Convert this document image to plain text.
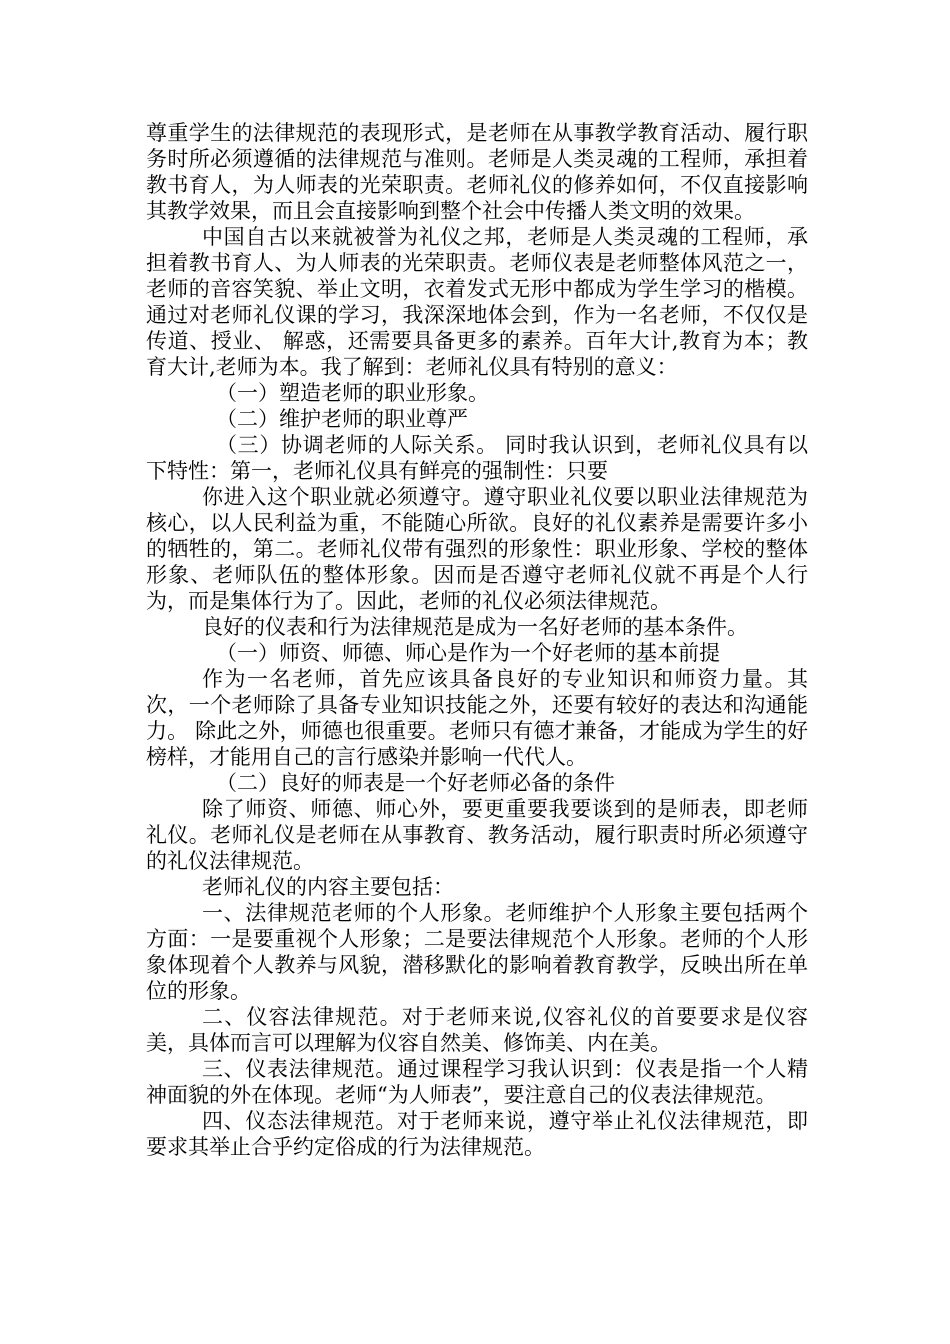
尊重学生的法律规范的表现形式，是老师在从事教学教育活动、履行职务时所必须遵循的法律规范与准则。老师是人类灵魂的工程师，承担着教书育人，为人师表的光荣职责。老师礼仪的修养如何，不仅直接影响其教学效果，而且会直接影响到整个社会中传播人类文明的效果。

中国自古以来就被誉为礼仪之邦，老师是人类灵魂的工程师，承担着教书育人、为人师表的光荣职责。老师仪表是老师整体风范之一，老师的音容笑貌、举止文明，衣着发式无形中都成为学生学习的楷模。 通过对老师礼仪课的学习，我深深地体会到，作为一名老师，不仅仅是传道、授业、 解惑，还需要具备更多的素养。百年大计,教育为本；教育大计,老师为本。我了解到：老师礼仪具有特别的意义：

（一）塑造老师的职业形象。

（二）维护老师的职业尊严

（三）协调老师的人际关系。 同时我认识到，老师礼仪具有以下特性：第一，老师礼仪具有鲜亮的强制性：只要

你进入这个职业就必须遵守。遵守职业礼仪要以职业法律规范为核心，以人民利益为重，不能随心所欲。良好的礼仪素养是需要许多小的牺牲的，第二。老师礼仪带有强烈的形象性：职业形象、学校的整体形象、老师队伍的整体形象。因而是否遵守老师礼仪就不再是个人行为，而是集体行为了。因此，老师的礼仪必须法律规范。

良好的仪表和行为法律规范是成为一名好老师的基本条件。

（一）师资、师德、师心是作为一个好老师的基本前提

作为一名老师，首先应该具备良好的专业知识和师资力量。其次，一个老师除了具备专业知识技能之外，还要有较好的表达和沟通能力。 除此之外，师德也很重要。老师只有德才兼备，才能成为学生的好榜样，才能用自己的言行感染并影响一代代人。

（二）良好的师表是一个好老师必备的条件

除了师资、师德、师心外，要更重要我要谈到的是师表，即老师礼仪。老师礼仪是老师在从事教育、教务活动，履行职责时所必须遵守的礼仪法律规范。

老师礼仪的内容主要包括：

一、法律规范老师的个人形象。老师维护个人形象主要包括两个方面：一是要重视个人形象；二是要法律规范个人形象。老师的个人形象体现着个人教养与风貌，潜移默化的影响着教育教学，反映出所在单位的形象。

二、仪容法律规范。对于老师来说,仪容礼仪的首要要求是仪容美，具体而言可以理解为仪容自然美、修饰美、内在美。

三、仪表法律规范。通过课程学习我认识到：仪表是指一个人精神面貌的外在体现。老师“为人师表”，要注意自己的仪表法律规范。

四、仪态法律规范。对于老师来说，遵守举止礼仪法律规范，即要求其举止合乎约定俗成的行为法律规范。
